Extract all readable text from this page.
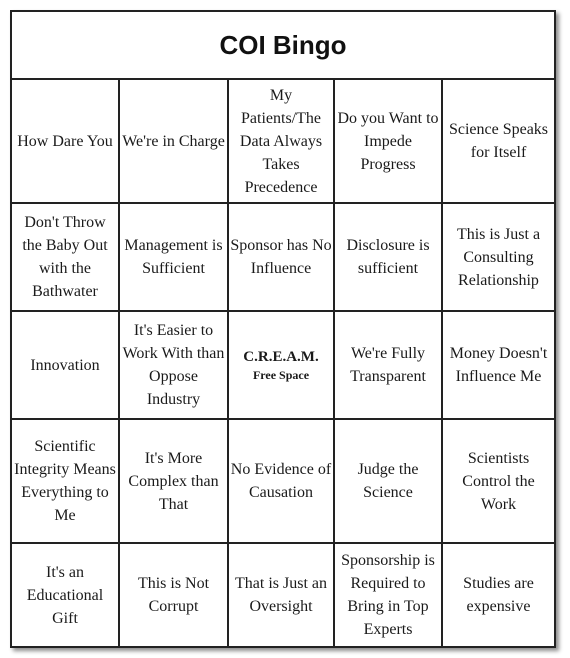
COI Bingo
How Dare You We're in Charge
My Patients/The Data Always Takes Precedence
Do you Want to Impede Progress
Science Speaks for Itself
Don't Throw the Baby Out with the Bathwater
Management is Sufficient
Sponsor has No Influence
Disclosure is sufficient
This is Just a Consulting Relationship
Innovation
It's Easier to Work With than Oppose Industry
C.R.E.A.M.
Free Space
We're Fully Transparent
Money Doesn't Influence Me
Scientific Integrity Means Everything to Me
It's More Complex than That
No Evidence of Causation
Judge the Science
Scientists Control the Work
It's an Educational Gift
This is Not Corrupt
That is Just an Oversight
Sponsorship is Required to Bring in Top Experts
Studies are expensive
